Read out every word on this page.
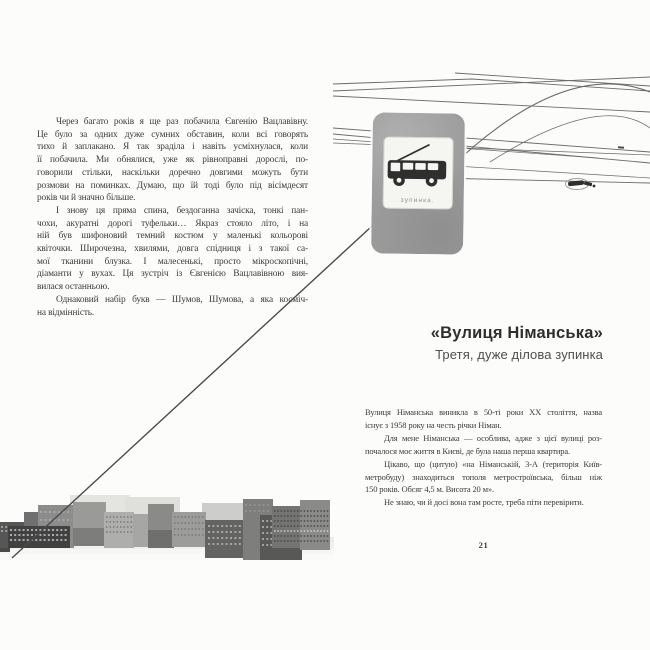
Через багато років я ще раз побачила Євгенію Вацлавівну.
Це було за одних дуже сумних обставин, коли всі говорять
тихо й заплакано. Я так зраділа і навіть усміхнулася, коли
її побачила. Ми обнялися, уже як рівноправні дорослі, по-
говорили стільки, наскільки доречно довгими можуть бути
розмови на поминках. Думаю, що їй тоді було під вісімдесят
років чи й значно більше.

І знову ця пряма спина, бездоганна зачіска, тонкі пан-
чохи, акуратні дорогі туфельки… Якраз стояло літо, і на
ній був шифоновий темний костюм у маленькі кольорові
квіточки. Широчезна, хвилями, довга спідниця і з такої са-
мої тканини блузка. І малесенькі, просто мікроскопічні,
діаманти у вухах. Ця зустріч із Євгенією Вацлавівною вия-
вилася останньою.

Однаковий набір букв — Шумов, Шумова, а яка косміч-
на відмінність.

«Вулиця Німанська»

Третя, дуже ділова зупинка

Вулиця Німанська виникла в 50-ті роки ХХ століття, назва
існує з 1958 року на честь річки Німан.

Для мене Німанська — особлива, адже з цієї вулиці роз-
почалося моє життя в Києві, де була наша перша квартира.

Цікаво, що (цитую) «на Німанській, 3-А (територія Київ-
метробуду) знаходиться тополя метростроївська, більш ніж
150 років. Обсяг 4,5 м. Висота 20 м».

Не знаю, чи й досі вона там росте, треба піти перевірити.

21
зупинка.
